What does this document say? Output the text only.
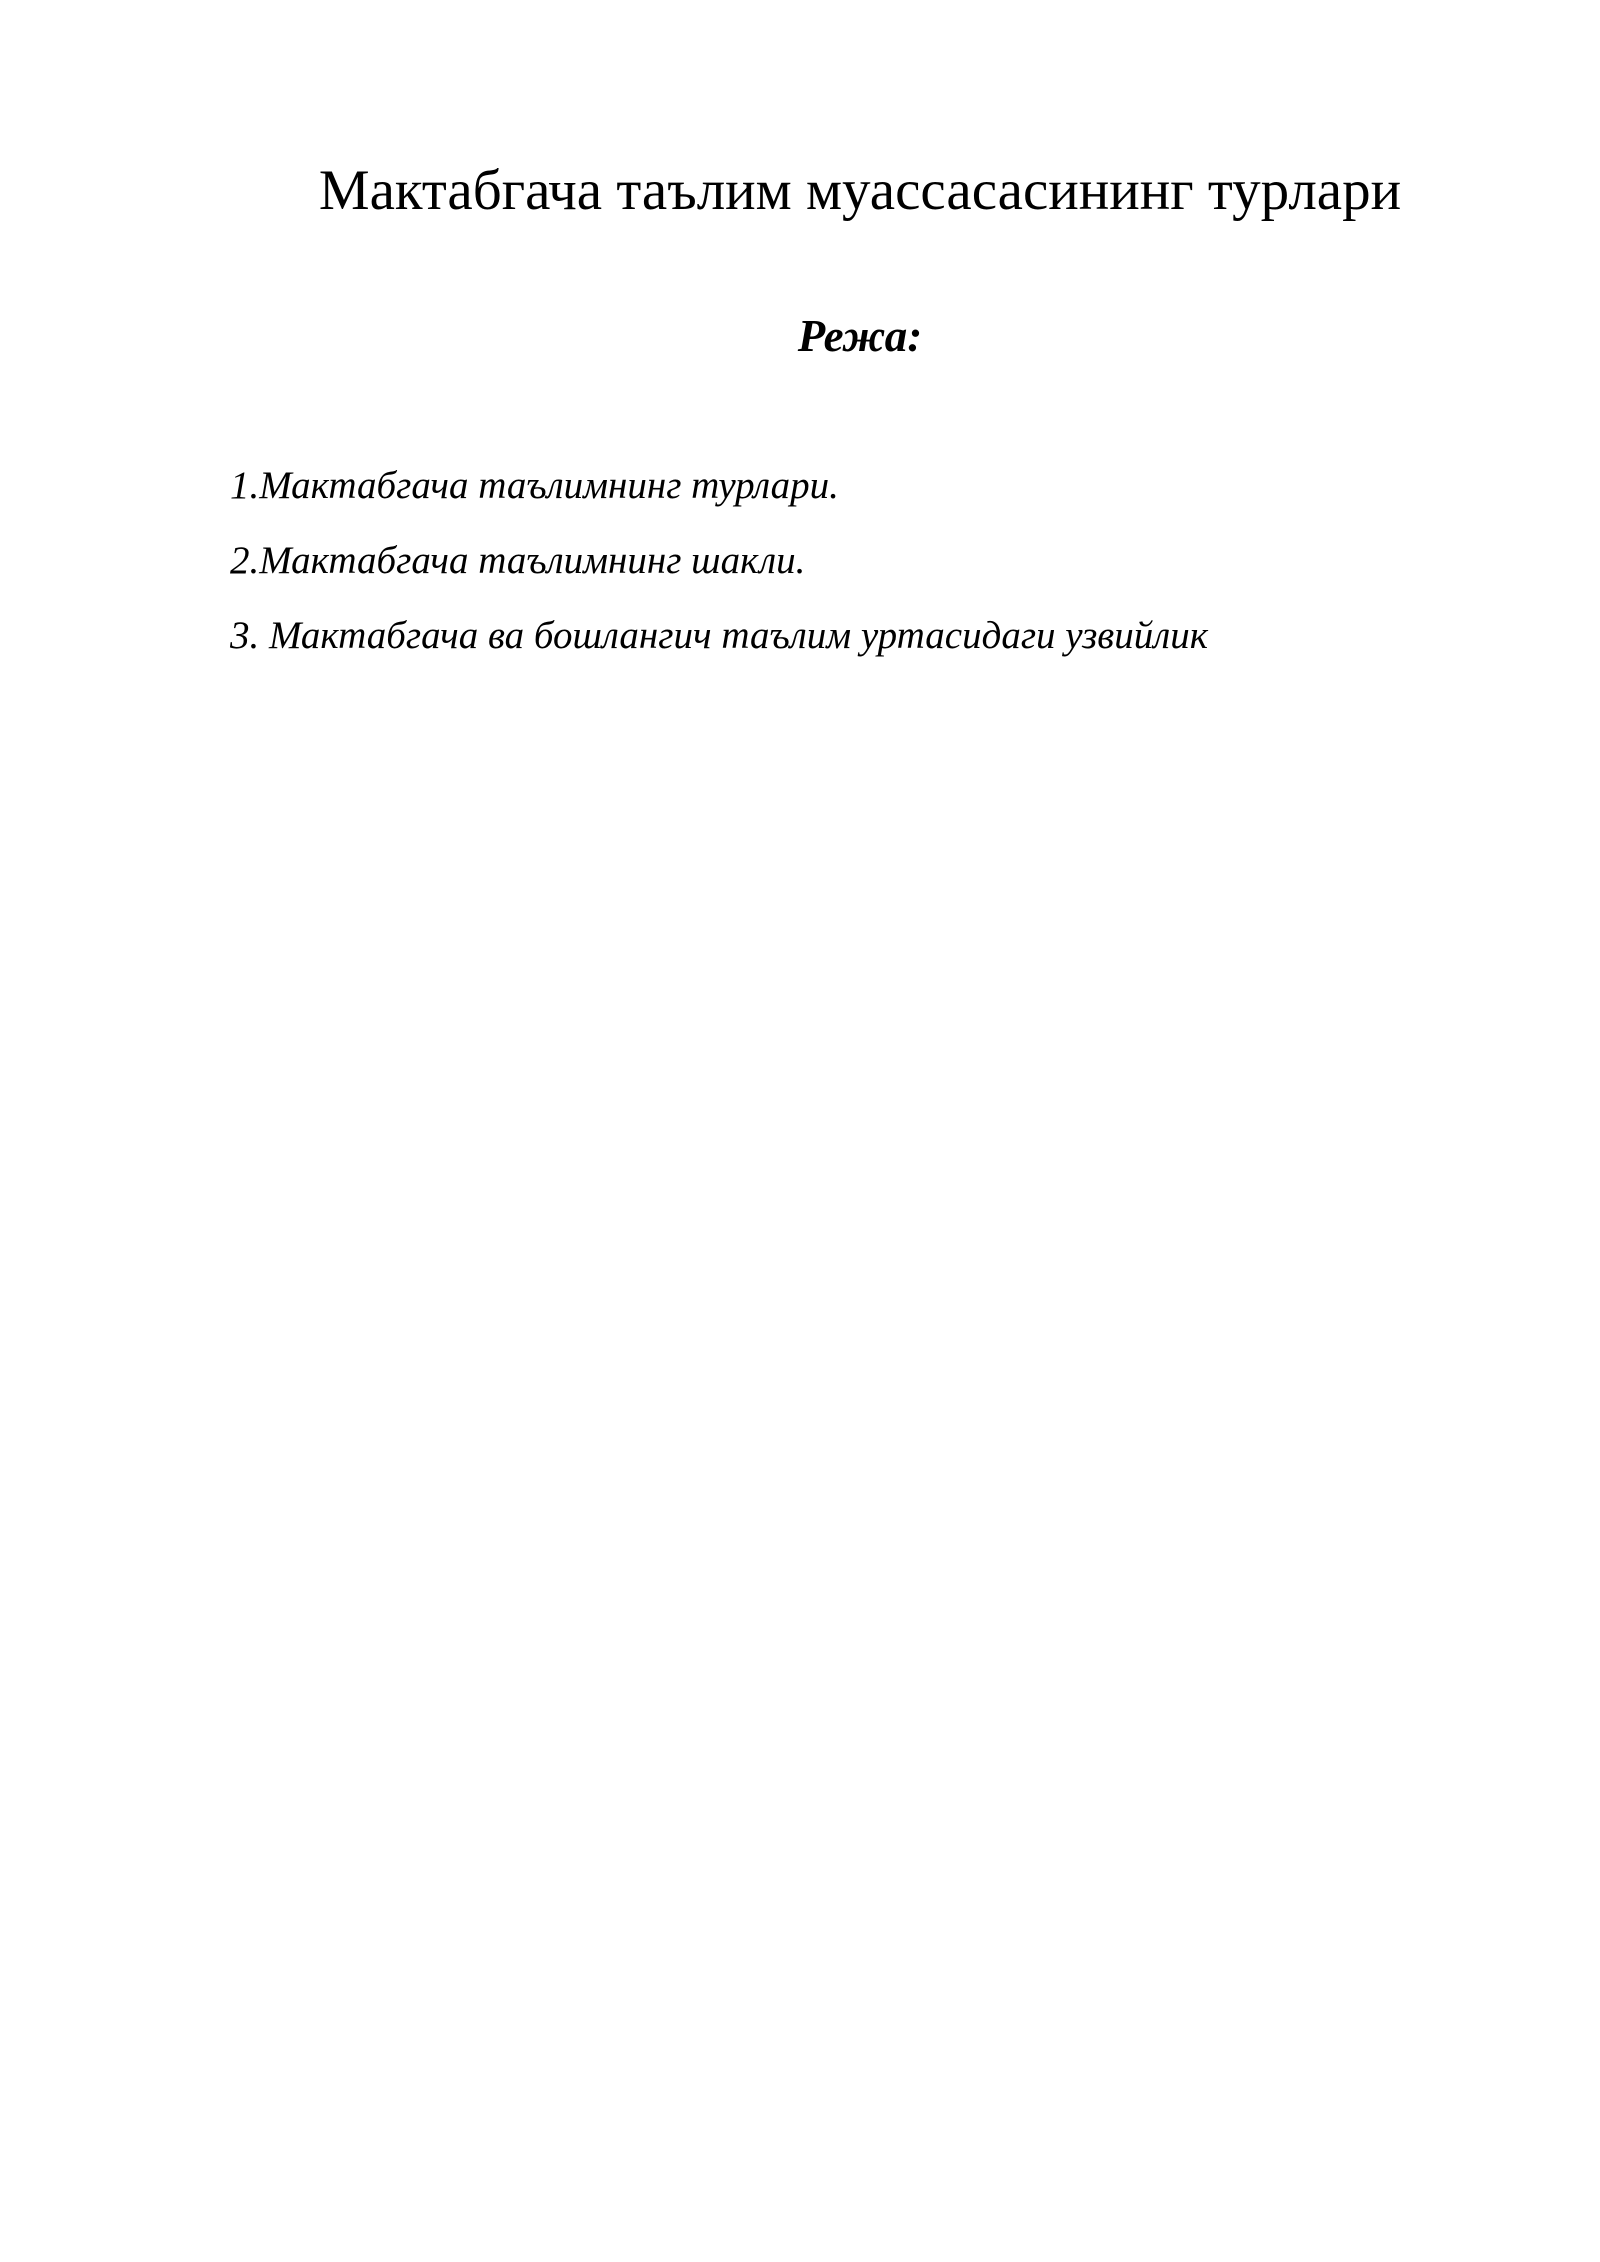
Мактабгача таълим муассасасининг турлари
Режа:
1.Мактабгача таълимнинг турлари.
2.Мактабгача таълимнинг шакли.
3. Мактабгача ва бошлангич таълим уртасидаги узвийлик
